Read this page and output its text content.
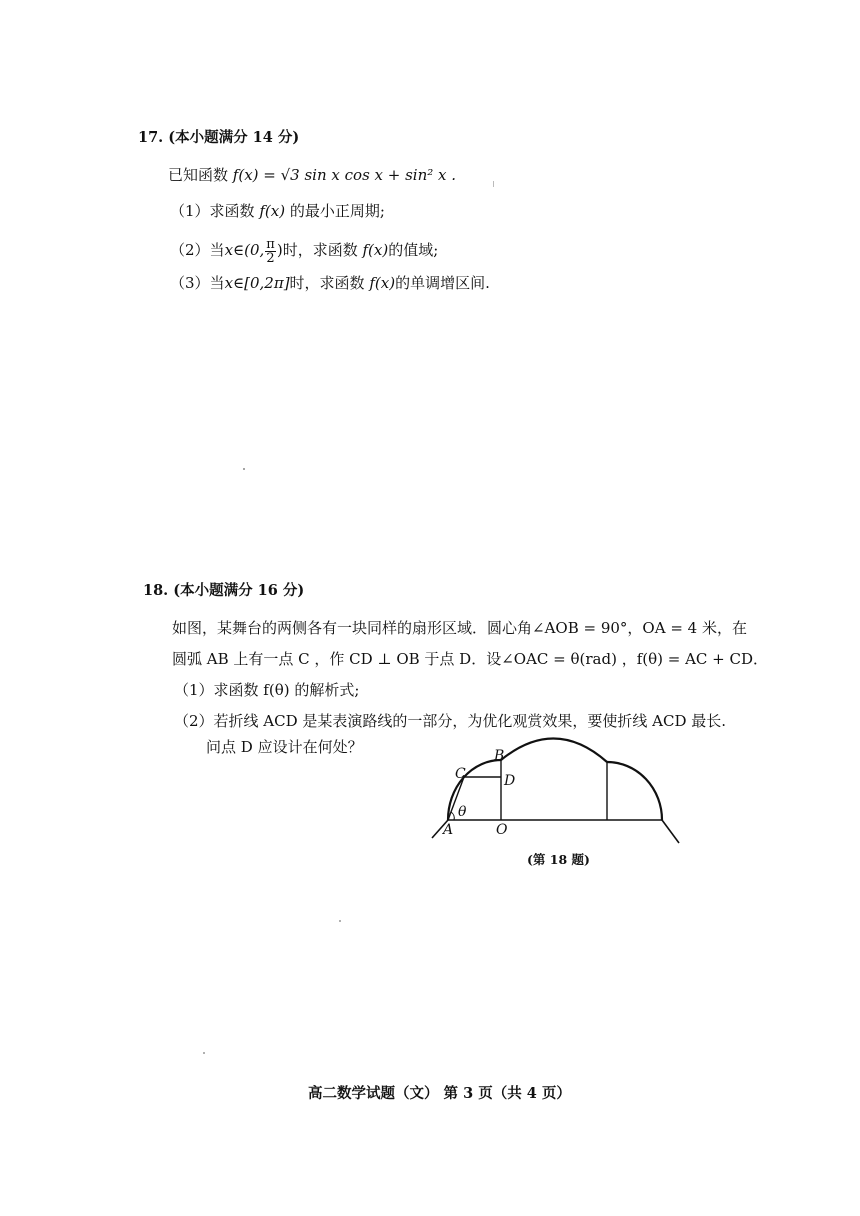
17. (本小题满分 14 分)
已知函数 f(x) = √3 sin x cos x + sin² x .
（1）求函数 f(x) 的最小正周期;
（2）当x∈(0, $\frac{\pi}{2}$ )时，求函数 f(x)的值域;
（3）当x∈[0,2π]时，求函数 f(x)的单调增区间.
18. (本小题满分 16 分)
如图，某舞台的两侧各有一块同样的扇形区域．圆心角∠AOB = 90°，OA = 4 米，在
圆弧 AB 上有一点 C ，作 CD ⊥ OB 于点 D．设∠OAC = θ(rad) ，f(θ) = AC + CD．
（1）求函数 f(θ) 的解析式;
（2）若折线 ACD 是某表演路线的一部分，为优化观赏效果，要使折线 ACD 最长.
问点 D 应设计在何处？	B
C	D
θ
A	O
(第 18 题)
高二数学试题（文） 第 3 页（共 4 页）
